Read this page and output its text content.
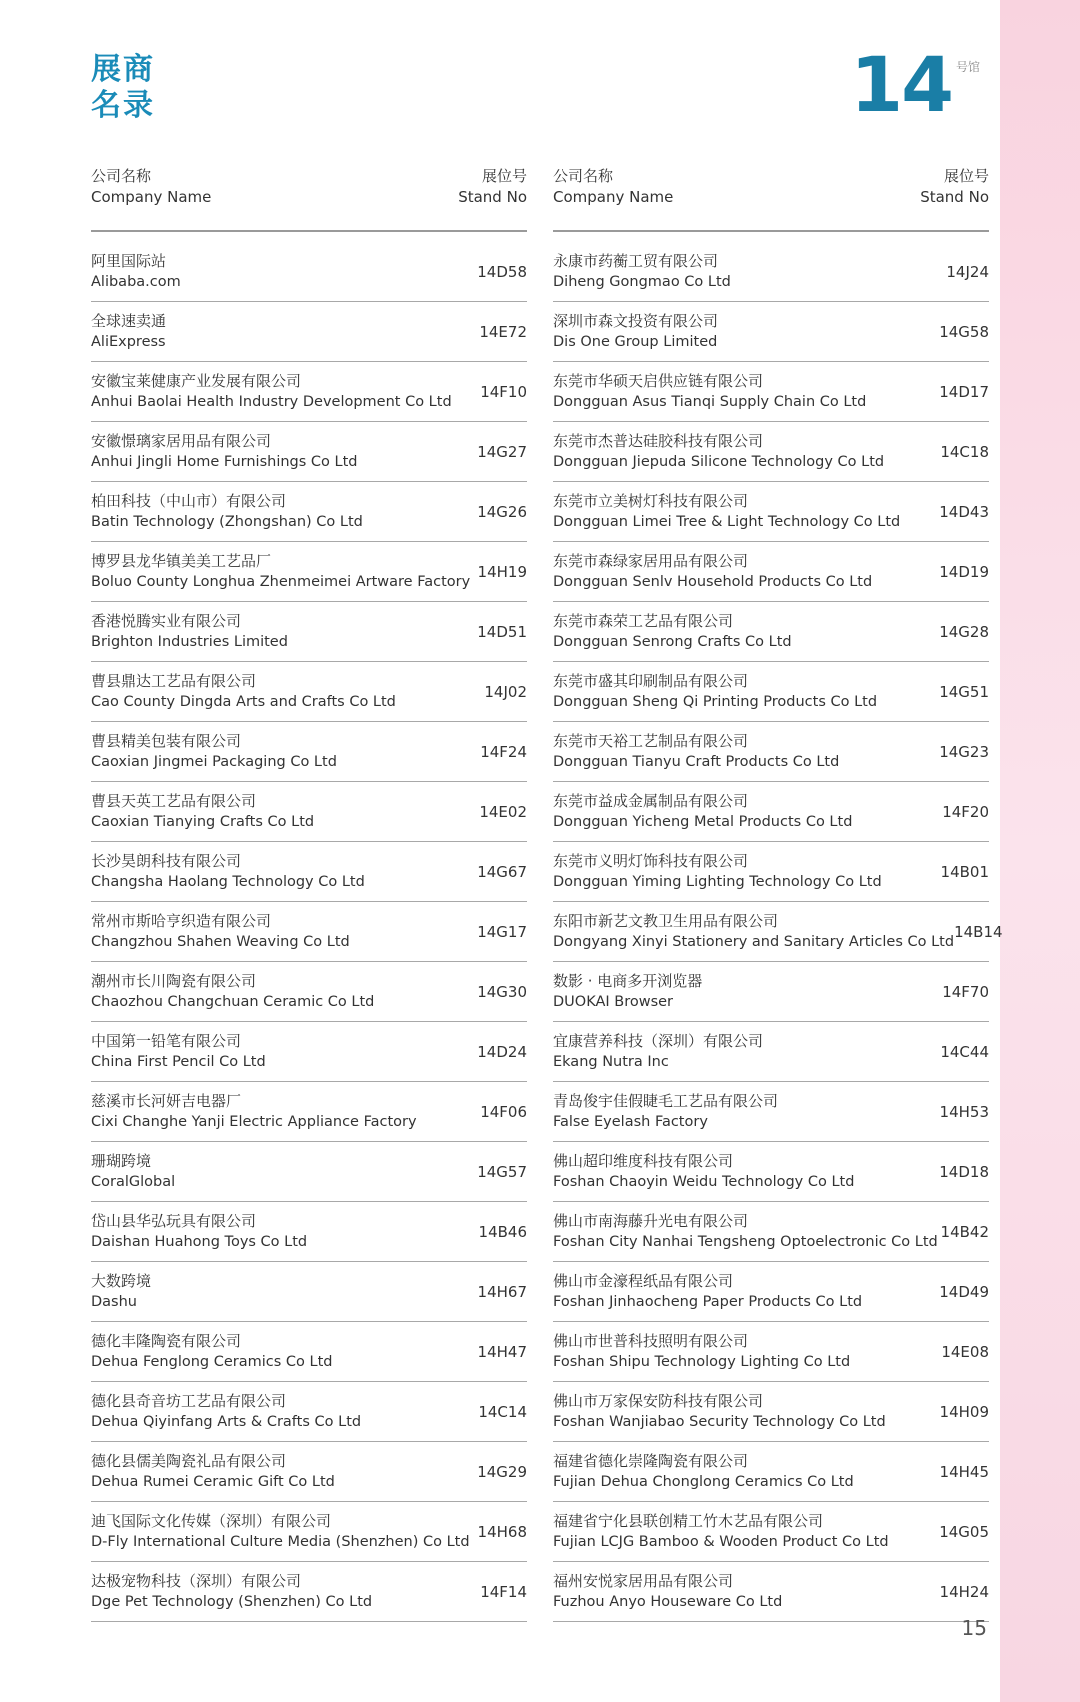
展商
名录	14 号馆
公司名称
Company Name
展位号
Stand No
阿里国际站
Alibaba.com
14D58
全球速卖通
AliExpress
14E72
安徽宝莱健康产业发展有限公司
Anhui Baolai Health Industry Development Co Ltd
14F10
安徽憬璃家居用品有限公司
Anhui Jingli Home Furnishings Co Ltd
14G27
柏田科技（中山市）有限公司
Batin Technology (Zhongshan) Co Ltd
14G26
博罗县龙华镇美美工艺品厂
Boluo County Longhua Zhenmeimei Artware Factory
14H19
香港悦腾实业有限公司
Brighton Industries Limited
14D51
曹县鼎达工艺品有限公司
Cao County Dingda Arts and Crafts Co Ltd
14J02
曹县精美包装有限公司
Caoxian Jingmei Packaging Co Ltd
14F24
曹县天英工艺品有限公司
Caoxian Tianying Crafts Co Ltd
14E02
长沙昊朗科技有限公司
Changsha Haolang Technology Co Ltd
14G67
常州市斯哈亨织造有限公司
Changzhou Shahen Weaving Co Ltd
14G17
潮州市长川陶瓷有限公司
Chaozhou Changchuan Ceramic Co Ltd
14G30
中国第一铅笔有限公司
China First Pencil Co Ltd
14D24
慈溪市长河妍吉电器厂
Cixi Changhe Yanji Electric Appliance Factory
14F06
珊瑚跨境
CoralGlobal
14G57
岱山县华弘玩具有限公司
Daishan Huahong Toys Co Ltd
14B46
大数跨境
Dashu
14H67
德化丰隆陶瓷有限公司
Dehua Fenglong Ceramics Co Ltd
14H47
德化县奇音坊工艺品有限公司
Dehua Qiyinfang Arts & Crafts Co Ltd
14C14
德化县儒美陶瓷礼品有限公司
Dehua Rumei Ceramic Gift Co Ltd
14G29
迪飞国际文化传媒（深圳）有限公司
D-Fly International Culture Media (Shenzhen) Co Ltd
14H68
达极宠物科技（深圳）有限公司
Dge Pet Technology (Shenzhen) Co Ltd
14F14
公司名称
Company Name
展位号
Stand No
永康市药蘅工贸有限公司
Diheng Gongmao Co Ltd
14J24
深圳市森文投资有限公司
Dis One Group Limited
14G58
东莞市华硕天启供应链有限公司
Dongguan Asus Tianqi Supply Chain Co Ltd
14D17
东莞市杰普达硅胶科技有限公司
Dongguan Jiepuda Silicone Technology Co Ltd
14C18
东莞市立美树灯科技有限公司
Dongguan Limei Tree & Light Technology Co Ltd
14D43
东莞市森绿家居用品有限公司
Dongguan Senlv Household Products Co Ltd
14D19
东莞市森荣工艺品有限公司
Dongguan Senrong Crafts Co Ltd
14G28
东莞市盛其印刷制品有限公司
Dongguan Sheng Qi Printing Products Co Ltd
14G51
东莞市天裕工艺制品有限公司
Dongguan Tianyu Craft Products Co Ltd
14G23
东莞市益成金属制品有限公司
Dongguan Yicheng Metal Products Co Ltd
14F20
东莞市义明灯饰科技有限公司
Dongguan Yiming Lighting Technology Co Ltd
14B01
东阳市新艺文教卫生用品有限公司
Dongyang Xinyi Stationery and Sanitary Articles Co Ltd
14B14
数影 · 电商多开浏览器
DUOKAI Browser
14F70
宜康营养科技（深圳）有限公司
Ekang Nutra Inc
14C44
青岛俊宇佳假睫毛工艺品有限公司
False Eyelash Factory
14H53
佛山超印维度科技有限公司
Foshan Chaoyin Weidu Technology Co Ltd
14D18
佛山市南海藤升光电有限公司
Foshan City Nanhai Tengsheng Optoelectronic Co Ltd
14B42
佛山市金濠程纸品有限公司
Foshan Jinhaocheng Paper Products Co Ltd
14D49
佛山市世普科技照明有限公司
Foshan Shipu Technology Lighting Co Ltd
14E08
佛山市万家保安防科技有限公司
Foshan Wanjiabao Security Technology Co Ltd
14H09
福建省德化崇隆陶瓷有限公司
Fujian Dehua Chonglong Ceramics Co Ltd
14H45
福建省宁化县联创精工竹木艺品有限公司
Fujian LCJG Bamboo & Wooden Product Co Ltd
14G05
福州安悦家居用品有限公司
Fuzhou Anyo Houseware Co Ltd
14H24
15
